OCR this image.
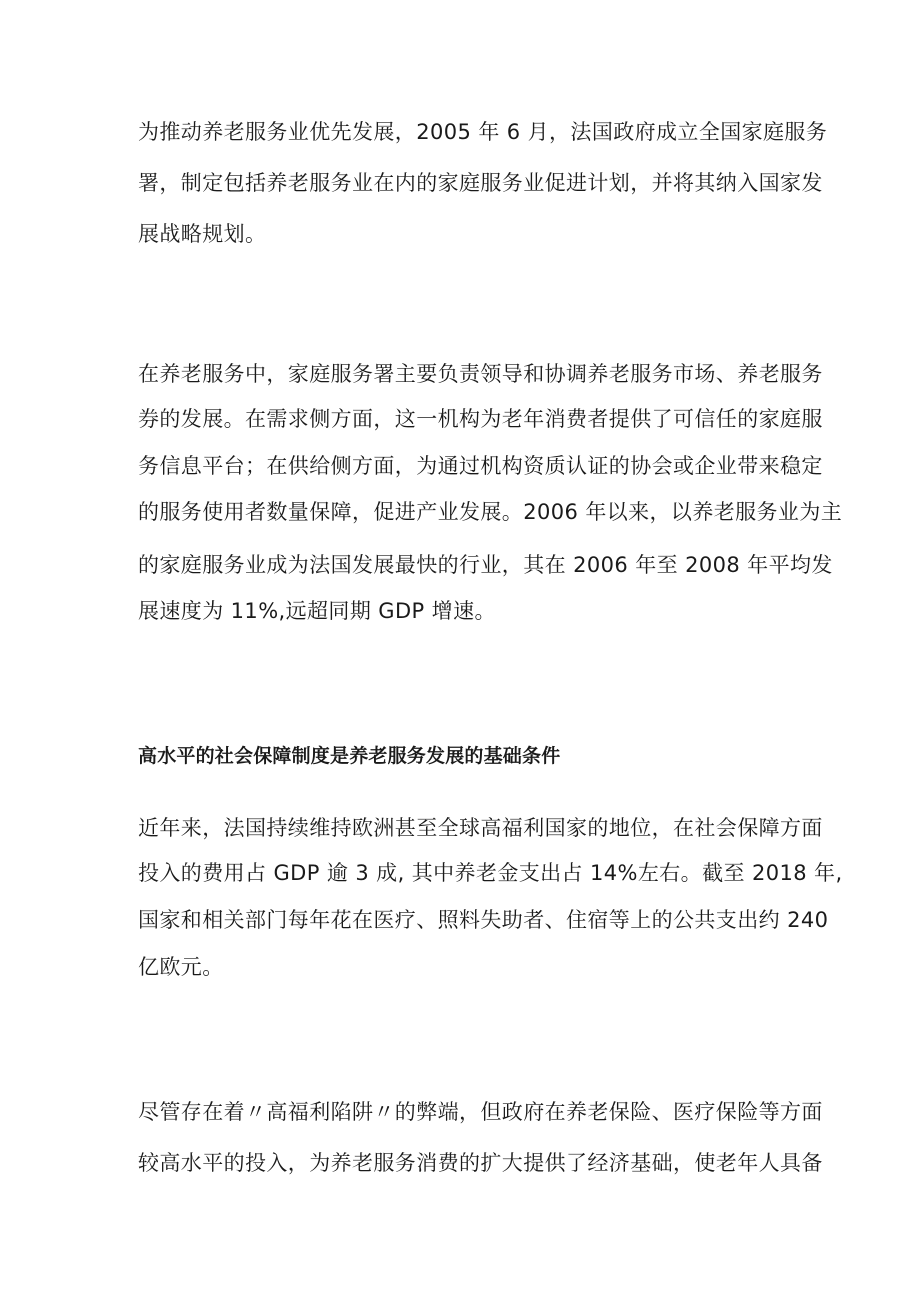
为推动养老服务业优先发展，2005 年 6 月，法国政府成立全国家庭服务
署，制定包括养老服务业在内的家庭服务业促进计划，并将其纳入国家发
展战略规划。
在养老服务中，家庭服务署主要负责领导和协调养老服务市场、养老服务
券的发展。在需求侧方面，这一机构为老年消费者提供了可信任的家庭服
务信息平台；在供给侧方面，为通过机构资质认证的协会或企业带来稳定
的服务使用者数量保障，促进产业发展。2006 年以来，以养老服务业为主
的家庭服务业成为法国发展最快的行业，其在 2006 年至 2008 年平均发
展速度为 11%,远超同期 GDP 增速。
高水平的社会保障制度是养老服务发展的基础条件
近年来，法国持续维持欧洲甚至全球高福利国家的地位，在社会保障方面
投入的费用占 GDP 逾 3 成, 其中养老金支出占 14%左右。截至 2018 年,
国家和相关部门每年花在医疗、照料失助者、住宿等上的公共支出约 240
亿欧元。
尽管存在着〃高福利陷阱〃的弊端，但政府在养老保险、医疗保险等方面
较高水平的投入，为养老服务消费的扩大提供了经济基础，使老年人具备
